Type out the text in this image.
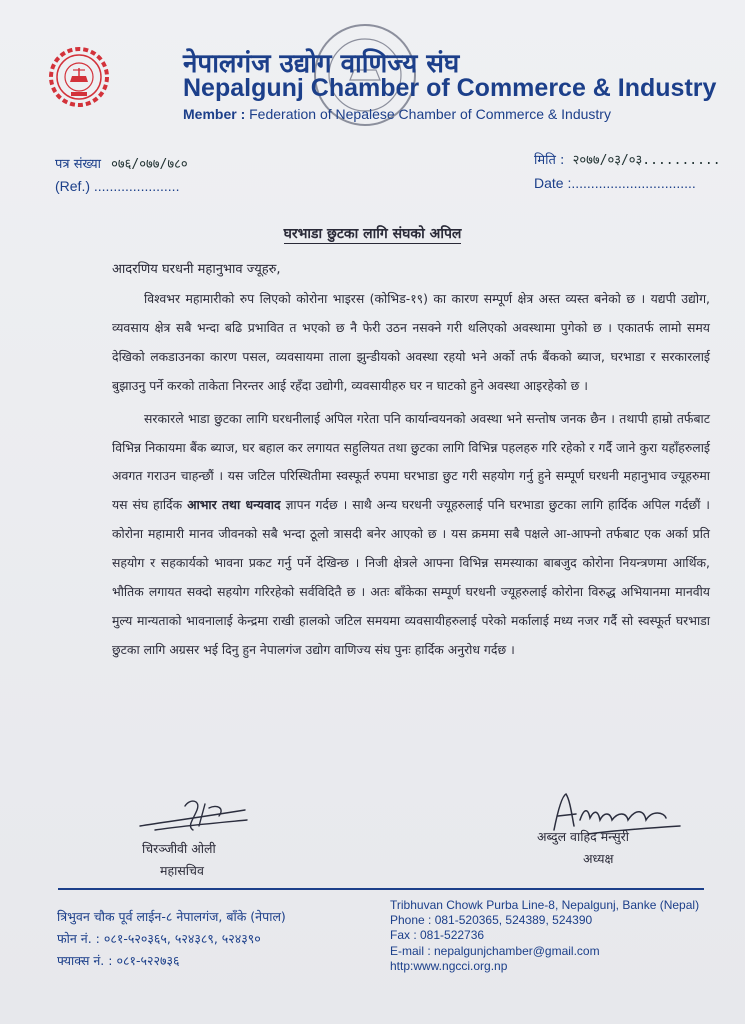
नेपालगंज उद्योग वाणिज्य संघ
Nepalgunj Chamber of Commerce & Industry
Member : Federation of Nepalese Chamber of Commerce & Industry
पत्र संख्या ०७६/०७७/७८०
(Ref.) ......................
मिति : २०७७/०३/०३..........
Date :................................
घरभाडा छुटका लागि संघको अपिल
आदरणिय घरधनी महानुभाव ज्यूहरु,

विश्वभर महामारीको रुप लिएको कोरोना भाइरस (कोभिड-१९) का कारण सम्पूर्ण क्षेत्र अस्त व्यस्त बनेको छ । यद्यपी उद्योग, व्यवसाय क्षेत्र सबै भन्दा बढि प्रभावित त भएको छ नै फेरी उठन नसक्ने गरी थलिएको अवस्थामा पुगेको छ । एकातर्फ लामो समय देखिको लकडाउनका कारण पसल, व्यवसायमा ताला झुन्डीयको अवस्था रहयो भने अर्को तर्फ बैंकको ब्याज, घरभाडा र सरकारलाई बुझाउनु पर्ने करको ताकेता निरन्तर आई रहँदा उद्योगी, व्यवसायीहरु घर न घाटको हुने अवस्था आइरहेको छ ।

सरकारले भाडा छुटका लागि घरधनीलाई अपिल गरेता पनि कार्यान्वयनको अवस्था भने सन्तोष जनक छैन । तथापी हाम्रो तर्फबाट विभिन्न निकायमा बैंक ब्याज, घर बहाल कर लगायत सहुलियत तथा छुटका लागि विभिन्न पहलहरु गरि रहेको र गर्दै जाने कुरा यहाँहरुलाई अवगत गराउन चाहन्छौं । यस जटिल परिस्थितीमा स्वस्फूर्त रुपमा घरभाडा छुट गरी सहयोग गर्नु हुने सम्पूर्ण घरधनी महानुभाव ज्यूहरुमा यस संघ हार्दिक आभार तथा धन्यवाद ज्ञापन गर्दछ । साथै अन्य घरधनी ज्यूहरुलाई पनि घरभाडा छुटका लागि हार्दिक अपिल गर्दछौं । कोरोना महामारी मानव जीवनको सबै भन्दा ठूलो त्रासदी बनेर आएको छ । यस क्रममा सबै पक्षले आ-आफ्नो तर्फबाट एक अर्का प्रति सहयोग र सहकार्यको भावना प्रकट गर्नु पर्ने देखिन्छ । निजी क्षेत्रले आफ्ना विभिन्न समस्याका बाबजुद कोरोना नियन्त्रणमा आर्थिक, भौतिक लगायत सक्दो सहयोग गरिरहेको सर्वविदितै छ । अतः बाँकेका सम्पूर्ण घरधनी ज्यूहरुलाई कोरोना विरुद्ध अभियानमा मानवीय मुल्य मान्यताको भावनालाई केन्द्रमा राखी हालको जटिल समयमा व्यवसायीहरुलाई परेको मर्कालाई मध्य नजर गर्दै सो स्वस्फूर्त घरभाडा छुटका लागि अग्रसर भई दिनु हुन नेपालगंज उद्योग वाणिज्य संघ पुनः हार्दिक अनुरोध गर्दछ ।

चिरञ्जीवी ओली
महासचिव
अब्दुल वाहिद मन्सुरी
अध्यक्ष
त्रिभुवन चौक पूर्व लाईन-८ नेपालगंज, बाँके (नेपाल)
फोन नं. : ०८१-५२०३६५, ५२४३८९, ५२४३९०
फ्याक्स नं. : ०८१-५२२७३६
Tribhuvan Chowk Purba Line-8, Nepalgunj, Banke (Nepal)
Phone : 081-520365, 524389, 524390
Fax : 081-522736
E-mail : nepalgunjchamber@gmail.com
http:www.ngcci.org.np
